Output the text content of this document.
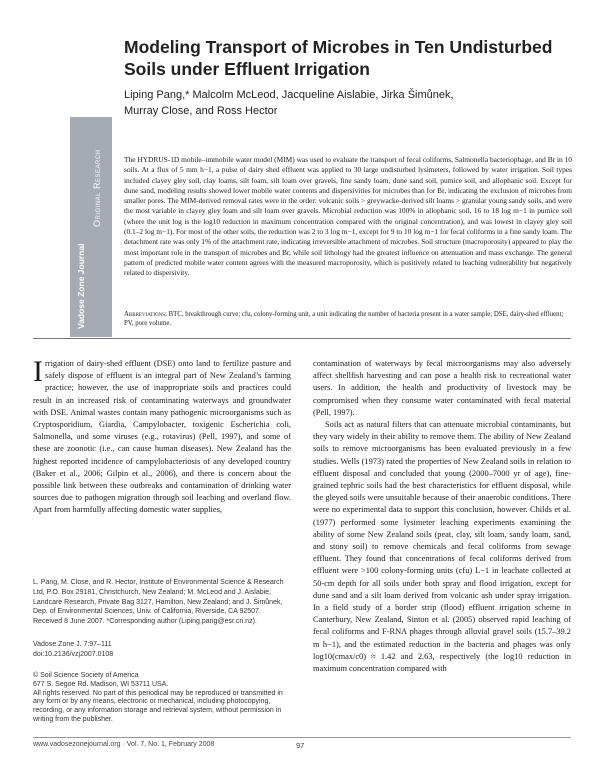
Modeling Transport of Microbes in Ten Undisturbed Soils under Effluent Irrigation
Liping Pang,* Malcolm McLeod, Jacqueline Aislabie, Jirka Šimůnek,
Murray Close, and Ross Hector
Vadose Zone Journal
Original Research	The HYDRUS-1D mobile–immobile water model (MIM) was used to evaluate the transport of fecal coliforms, Salmonella bacteriophage, and Br in 10 soils. At a flux of 5 mm h−1, a pulse of dairy shed effluent was applied to 30 large undisturbed lysimeters, followed by water irrigation. Soil types included clayey gley soil, clay loams, silt loam, silt loam over gravels, fine sandy loam, dune sand soil, pumice soil, and allophanic soil. Except for dune sand, modeling results showed lower mobile water contents and dispersivities for microbes than for Br, indicating the exclusion of microbes from smaller pores. The MIM-derived removal rates were in the order: volcanic soils > greywacke-derived silt loams > granular young sandy soils, and were the most variable in clayey gley loam and silt loam over gravels. Microbial reduction was 100% in allophanic soil, 16 to 18 log m−1 in pumice soil (where the unit log is the log10 reduction in maximum concentration compared with the original concentration), and was lowest in clayey gley soil (0.1–2 log m−1). For most of the other soils, the reduction was 2 to 3 log m−1, except for 9 to 10 log m−1 for fecal coliforms in a fine sandy loam. The detachment rate was only 1% of the attachment rate, indicating irreversible attachment of microbes. Soil structure (macroporosity) appeared to play the most important role in the transport of microbes and Br, while soil lithology had the greatest influence on attenuation and mass exchange. The general pattern of predicted mobile water content agrees with the measured macroporosity, which is positively related to leaching vulnerability but negatively related to dispersivity.
Abbreviations: BTC, breakthrough curve; cfu, colony-forming unit, a unit indicating the number of bacteria present in a water sample; DSE, dairy-shed effluent; PV, pore volume.

Irrigation of dairy-shed effluent (DSE) onto land to fertilize pasture and safely dispose of effluent is an integral part of New Zealand’s farming practice; however, the use of inappropriate soils and practices could result in an increased risk of contaminating waterways and groundwater with DSE. Animal wastes contain many pathogenic microorganisms such as Cryptosporidium, Giardia, Campylobacter, toxigenic Escherichia coli, Salmonella, and some viruses (e.g., rotavirus) (Pell, 1997), and some of these are zoonotic (i.e., can cause human diseases). New Zealand has the highest reported incidence of campylobacteriosis of any developed country (Baker et al., 2006; Gilpin et al., 2006), and there is concern about the possible link between these outbreaks and contamination of drinking water sources due to pathogen migration through soil leaching and overland flow. Apart from harmfully affecting domestic water supplies,

contamination of waterways by fecal microorganisms may also adversely affect shellfish harvesting and can pose a health risk to recreational water users. In addition, the health and productivity of livestock may be compromised when they consume water contaminated with fecal material (Pell, 1997).

Soils act as natural filters that can attenuate microbial contaminants, but they vary widely in their ability to remove them. The ability of New Zealand soils to remove microorganisms has been evaluated previously in a few studies. Wells (1973) rated the properties of New Zealand soils in relation to effluent disposal and concluded that young (2000–7000 yr of age), fine-grained tephric soils had the best characteristics for effluent disposal, while the gleyed soils were unsuitable because of their anaerobic conditions. There were no experimental data to support this conclusion, however. Childs et al. (1977) performed some lysimeter leaching experiments examining the ability of some New Zealand soils (peat, clay, silt loam, sandy loam, sand, and stony soil) to remove chemicals and fecal coliforms from sewage effluent. They found that concentrations of fecal coliforms derived from effluent were >100 colony-forming units (cfu) L−1 in leachate collected at 50-cm depth for all soils under both spray and flood irrigation, except for dune sand and a silt loam derived from volcanic ash under spray irrigation. In a field study of a border strip (flood) effluent irrigation scheme in Canterbury, New Zealand, Sinton et al. (2005) observed rapid leaching of fecal coliforms and F-RNA phages through alluvial gravel soils (15.7–39.2 m h−1), and the estimated reduction in the bacteria and phages was only log10(cmax/c0) ≈ 1.42 and 2.63, respectively (the log10 reduction in maximum concentration compared with

L. Pang, M. Close, and R. Hector, Institute of Environmental Science & Research Ltd, P.O. Box 29181, Christchurch, New Zealand; M. McLeod and J. Aislabie, Landcare Research, Private Bag 3127, Hamilton, New Zealand; and J. Šimůnek, Dep. of Environmental Sciences, Univ. of California, Riverside, CA 92507. Received 8 June 2007. *Corresponding author (Liping.pang@esr.cri.nz).
Vadose Zone J. 7:97–111
doi:10.2136/vzj2007.0108
© Soil Science Society of America
677 S. Segoe Rd. Madison, WI 53711 USA.
All rights reserved. No part of this periodical may be reproduced or transmitted in any form or by any means, electronic or mechanical, including photocopying, recording, or any information storage and retrieval system, without permission in writing from the publisher.
www.vadosezonejournal.org · Vol. 7, No. 1, February 2008	97
